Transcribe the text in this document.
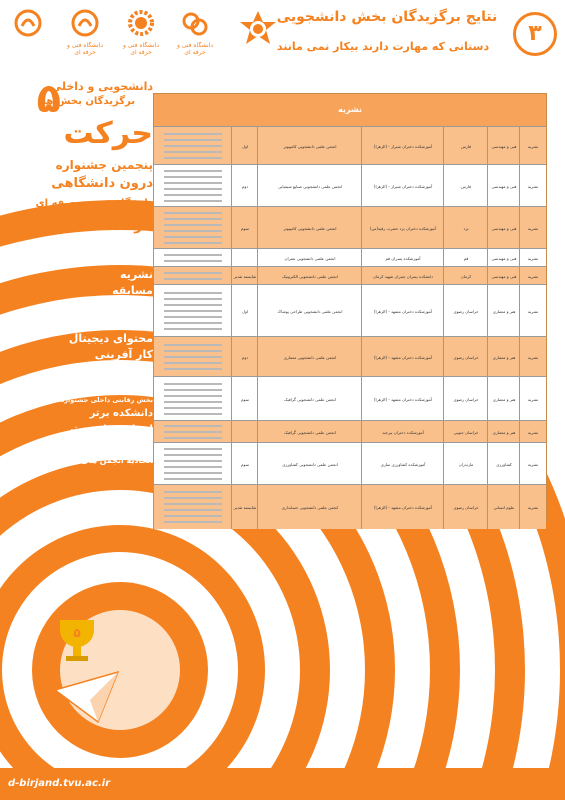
۵
۳
نتایج برگزیدگان بخش دانشجویی
دستانی که مهارت دارند بیکار نمی مانند
دانشگاه فنی و حرفه ای
دانشگاه فنی و حرفه ای
دانشگاه فنی و حرفه ای
دانشجویی و داخلی
برگزیدگان بخش ها
۵
حرکت
پنجمین جشنواره
درون دانشگاهی
دانشگاه فنی و حرفه ای
خرداد ۱۴۰۰-۱۴۰۱
بخش های رقابتی دانشجویی جشنواره:
انجمن علمی برتر
نشریه
مسابقه
اختراع
فعالیت خلاقانه
محتوای دیجیتال
کار آفرینی
بخش ویژه
کتاب
بخش رقابتی داخلی جشنواره:
دانشکده برتر
استاد مشاور برتر
کارشناس برتر
اتحادیه انجمن های علمی برتر
نشریه
نشریه
فنی و مهندسی
فارس
آموزشکده دختران شیراز - (الزهرا)
انجمن علمی دانشجویی کامپیوتر
اول
نشریه
فنی و مهندسی
فارس
آموزشکده دختران شیراز - (الزهرا)
انجمن علمی دانشجویی صنایع شیمیایی
دوم
نشریه
فنی و مهندسی
یزد
آموزشکده دختران یزد حضرت رقیه(س)
انجمن علمی دانشجویی کامپیوتر
سوم
نشریه
فنی و مهندسی
قم
آموزشکده پسران قم
انجمن علمی دانشجویی عمران
نشریه
فنی و مهندسی
کرمان
دانشکده پسران چمران شهید کرمان
انجمن علمی دانشجویی الکترونیک
شایسته تقدیر
نشریه
هنر و معماری
خراسان رضوی
آموزشکده دختران مشهد - (الزهرا)
انجمن علمی دانشجویی طراحی پوشاک
اول
نشریه
هنر و معماری
خراسان رضوی
آموزشکده دختران مشهد - (الزهرا)
انجمن علمی دانشجویی معماری
دوم
نشریه
هنر و معماری
خراسان رضوی
آموزشکده دختران مشهد - (الزهرا)
انجمن علمی دانشجویی گرافیک
سوم
نشریه
هنر و معماری
خراسان جنوبی
آموزشکده دختران بیرجند
انجمن علمی دانشجویی گرافیک
نشریه
کشاورزی
مازندران
آموزشکده کشاورزی ساری
انجمن علمی دانشجویی کشاورزی
سوم
نشریه
علوم انسانی
خراسان رضوی
آموزشکده دختران مشهد - (الزهرا)
انجمن علمی دانشجویی حسابداری
شایسته تقدیر
d-birjand.tvu.ac.ir
